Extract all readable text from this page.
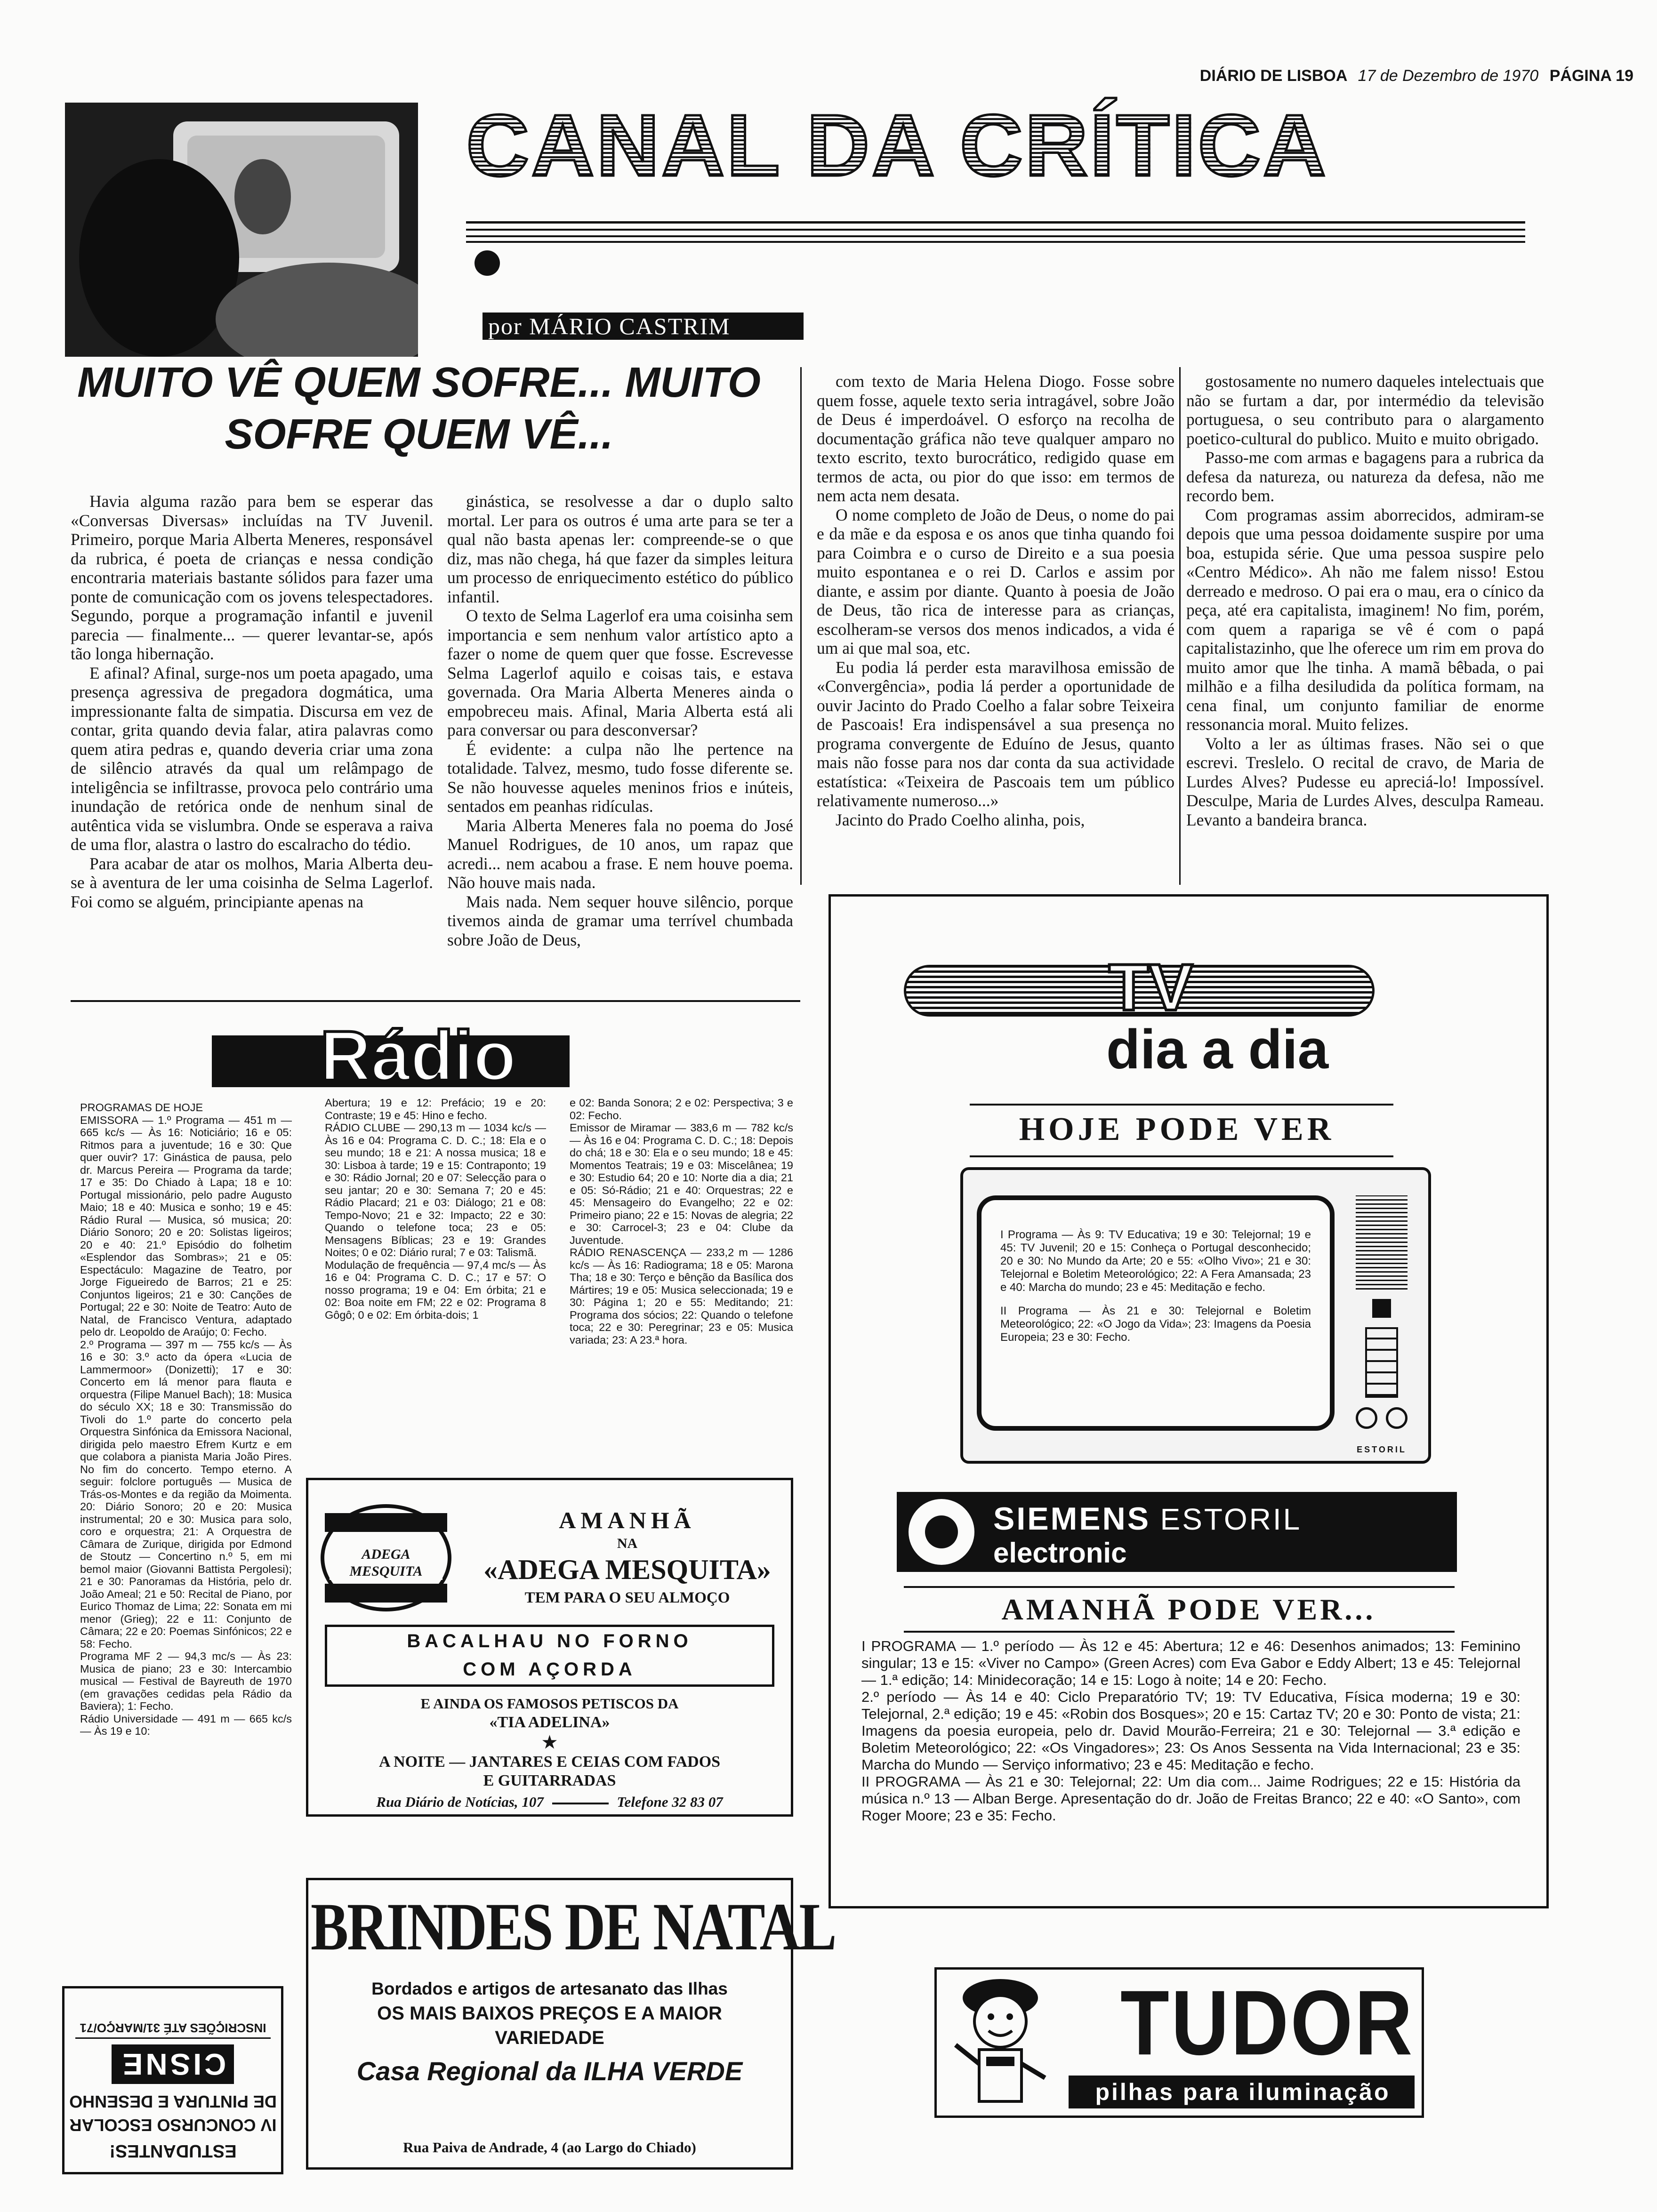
DIÁRIO DE LISBOA 17 de Dezembro de 1970 PÁGINA 19
CANAL DA CRÍTICA
por MÁRIO CASTRIM
MUITO VÊ QUEM SOFRE... MUITO
SOFRE QUEM VÊ...

Havia alguma razão para bem se esperar das «Conversas Diversas» incluídas na TV Juvenil. Primeiro, porque Maria Alberta Meneres, responsável da rubrica, é poeta de crianças e nessa condição encontraria materiais bastante sólidos para fazer uma ponte de comunicação com os jovens telespectadores. Segundo, porque a programação infantil e juvenil parecia — finalmente... — querer levantar-se, após tão longa hibernação.

E afinal? Afinal, surge-nos um poeta apagado, uma presença agressiva de pregadora dogmática, uma impressionante falta de simpatia. Discursa em vez de contar, grita quando devia falar, atira palavras como quem atira pedras e, quando deveria criar uma zona de silêncio através da qual um relâmpago de inteligência se infiltrasse, provoca pelo contrário uma inundação de retórica onde de nenhum sinal de autêntica vida se vislumbra. Onde se esperava a raiva de uma flor, alastra o lastro do escalracho do tédio.

Para acabar de atar os molhos, Maria Alberta deu-se à aventura de ler uma coisinha de Selma Lagerlof. Foi como se alguém, principiante apenas na

ginástica, se resolvesse a dar o duplo salto mortal. Ler para os outros é uma arte para se ter a qual não basta apenas ler: compreende-se o que diz, mas não chega, há que fazer da simples leitura um processo de enriquecimento estético do público infantil.

O texto de Selma Lagerlof era uma coisinha sem importancia e sem nenhum valor artístico apto a fazer o nome de quem quer que fosse. Escrevesse Selma Lagerlof aquilo e coisas tais, e estava governada. Ora Maria Alberta Meneres ainda o empobreceu mais. Afinal, Maria Alberta está ali para conversar ou para desconversar?

É evidente: a culpa não lhe pertence na totalidade. Talvez, mesmo, tudo fosse diferente se. Se não houvesse aqueles meninos frios e inúteis, sentados em peanhas ridículas.

Maria Alberta Meneres fala no poema do José Manuel Rodrigues, de 10 anos, um rapaz que acredi... nem acabou a frase. E nem houve poema. Não houve mais nada.

Mais nada. Nem sequer houve silêncio, porque tivemos ainda de gramar uma terrível chumbada sobre João de Deus,

com texto de Maria Helena Diogo. Fosse sobre quem fosse, aquele texto seria intragável, sobre João de Deus é imperdoável. O esforço na recolha de documentação gráfica não teve qualquer amparo no texto escrito, texto burocrático, redigido quase em termos de acta, ou pior do que isso: em termos de nem acta nem desata.

O nome completo de João de Deus, o nome do pai e da mãe e da esposa e os anos que tinha quando foi para Coimbra e o curso de Direito e a sua poesia muito espontanea e o rei D. Carlos e assim por diante, e assim por diante. Quanto à poesia de João de Deus, tão rica de interesse para as crianças, escolheram-se versos dos menos indicados, a vida é um ai que mal soa, etc.

Eu podia lá perder esta maravilhosa emissão de «Convergência», podia lá perder a oportunidade de ouvir Jacinto do Prado Coelho a falar sobre Teixeira de Pascoais! Era indispensável a sua presença no programa convergente de Eduíno de Jesus, quanto mais não fosse para nos dar conta da sua actividade estatística: «Teixeira de Pascoais tem um público relativamente numeroso...»

Jacinto do Prado Coelho alinha, pois,

gostosamente no numero daqueles intelectuais que não se furtam a dar, por intermédio da televisão portuguesa, o seu contributo para o alargamento poetico-cultural do publico. Muito e muito obrigado.

Passo-me com armas e bagagens para a rubrica da defesa da natureza, ou natureza da defesa, não me recordo bem.

Com programas assim aborrecidos, admiram-se depois que uma pessoa doidamente suspire por uma boa, estupida série. Que uma pessoa suspire pelo «Centro Médico». Ah não me falem nisso! Estou derreado e medroso. O pai era o mau, era o cínico da peça, até era capitalista, imaginem! No fim, porém, com quem a rapariga se vê é com o papá capitalistazinho, que lhe oferece um rim em prova do muito amor que lhe tinha. A mamã bêbada, o pai milhão e a filha desiludida da política formam, na cena final, um conjunto familiar de enorme ressonancia moral. Muito felizes.

Volto a ler as últimas frases. Não sei o que escrevi. Treslelo. O recital de cravo, de Maria de Lurdes Alves? Pudesse eu apreciá-lo! Impossível. Desculpe, Maria de Lurdes Alves, desculpa Rameau. Levanto a bandeira branca.

Rádio
PROGRAMAS DE HOJE
EMISSORA — 1.º Programa — 451 m — 665 kc/s — Às 16: Noticiário; 16 e 05: Ritmos para a juventude; 16 e 30: Que quer ouvir? 17: Ginástica de pausa, pelo dr. Marcus Pereira — Programa da tarde; 17 e 35: Do Chiado à Lapa; 18 e 10: Portugal missionário, pelo padre Augusto Maio; 18 e 40: Musica e sonho; 19 e 45: Rádio Rural — Musica, só musica; 20: Diário Sonoro; 20 e 20: Solistas ligeiros; 20 e 40: 21.º Episódio do folhetim «Esplendor das Sombras»; 21 e 05: Espectáculo: Magazine de Teatro, por Jorge Figueiredo de Barros; 21 e 25: Conjuntos ligeiros; 21 e 30: Canções de Portugal; 22 e 30: Noite de Teatro: Auto de Natal, de Francisco Ventura, adaptado pelo dr. Leopoldo de Araújo; 0: Fecho.
2.º Programa — 397 m — 755 kc/s — Às 16 e 30: 3.º acto da ópera «Lucia de Lammermoor» (Donizetti); 17 e 30: Concerto em lá menor para flauta e orquestra (Filipe Manuel Bach); 18: Musica do século XX; 18 e 30: Transmissão do Tivoli do 1.º parte do concerto pela Orquestra Sinfónica da Emissora Nacional, dirigida pelo maestro Efrem Kurtz e em que colabora a pianista Maria João Pires. No fim do concerto. Tempo eterno. A seguir: folclore português — Musica de Trás-os-Montes e da região da Moimenta. 20: Diário Sonoro; 20 e 20: Musica instrumental; 20 e 30: Musica para solo, coro e orquestra; 21: A Orquestra de Câmara de Zurique, dirigida por Edmond de Stoutz — Concertino n.º 5, em mi bemol maior (Giovanni Battista Pergolesi); 21 e 30: Panoramas da História, pelo dr. João Ameal; 21 e 50: Recital de Piano, por Eurico Thomaz de Lima; 22: Sonata em mi menor (Grieg); 22 e 11: Conjunto de Câmara; 22 e 20: Poemas Sinfónicos; 22 e 58: Fecho.
Programa MF 2 — 94,3 mc/s — Às 23: Musica de piano; 23 e 30: Intercambio musical — Festival de Bayreuth de 1970 (em gravações cedidas pela Rádio da Baviera); 1: Fecho.
Rádio Universidade — 491 m — 665 kc/s — Às 19 e 10:
Abertura; 19 e 12: Prefácio; 19 e 20: Contraste; 19 e 45: Hino e fecho.
RÁDIO CLUBE — 290,13 m — 1034 kc/s — Às 16 e 04: Programa C. D. C.; 18: Ela e o seu mundo; 18 e 21: A nossa musica; 18 e 30: Lisboa à tarde; 19 e 15: Contraponto; 19 e 30: Rádio Jornal; 20 e 07: Selecção para o seu jantar; 20 e 30: Semana 7; 20 e 45: Rádio Placard; 21 e 03: Diálogo; 21 e 08: Tempo-Novo; 21 e 32: Impacto; 22 e 30: Quando o telefone toca; 23 e 05: Mensagens Bíblicas; 23 e 19: Grandes Noites; 0 e 02: Diário rural; 7 e 03: Talismã.
Modulação de frequência — 97,4 mc/s — Às 16 e 04: Programa C. D. C.; 17 e 57: O nosso programa; 19 e 04: Em órbita; 21 e 02: Boa noite em FM; 22 e 02: Programa 8 Gôgô; 0 e 02: Em órbita-dois; 1
e 02: Banda Sonora; 2 e 02: Perspectiva; 3 e 02: Fecho.
Emissor de Miramar — 383,6 m — 782 kc/s — Às 16 e 04: Programa C. D. C.; 18: Depois do chá; 18 e 30: Ela e o seu mundo; 18 e 45: Momentos Teatrais; 19 e 03: Miscelânea; 19 e 30: Estudio 64; 20 e 10: Norte dia a dia; 21 e 05: Só-Rádio; 21 e 40: Orquestras; 22 e 45: Mensageiro do Evangelho; 22 e 02: Primeiro piano; 22 e 15: Novas de alegria; 22 e 30: Carrocel-3; 23 e 04: Clube da Juventude.
RÁDIO RENASCENÇA — 233,2 m — 1286 kc/s — Às 16: Radiograma; 18 e 05: Marona Tha; 18 e 30: Terço e bênção da Basílica dos Mártires; 19 e 05: Musica seleccionada; 19 e 30: Página 1; 20 e 55: Meditando; 21: Programa dos sócios; 22: Quando o telefone toca; 22 e 30: Peregrinar; 23 e 05: Musica variada; 23: A 23.ª hora.
ADEGA MESQUITA
AMANHÃ
NA
«ADEGA MESQUITA»
TEM PARA O SEU ALMOÇO
BACALHAU NO FORNO
COM AÇORDA
E AINDA OS FAMOSOS PETISCOS DA
«TIA ADELINA»
★
A NOITE — JANTARES E CEIAS COM FADOS
E GUITARRADAS
Rua Diário de Notícias, 107	Telefone 32 83 07
BRINDES DE NATAL
Bordados e artigos de artesanato das Ilhas
OS MAIS BAIXOS PREÇOS E A MAIOR
VARIEDADE
Casa Regional da ILHA VERDE
Rua Paiva de Andrade, 4 (ao Largo do Chiado)
ESTUDANTES!
IV CONCURSO ESCOLAR
DE PINTURA E DESENHO
CISNE
INSCRIÇÕES ATÉ 31/MARÇO/71
TV
dia a dia
HOJE PODE VER
I Programa — Às 9: TV Educativa; 19 e 30: Telejornal; 19 e 45: TV Juvenil; 20 e 15: Conheça o Portugal desconhecido; 20 e 30: No Mundo da Arte; 20 e 55: «Olho Vivo»; 21 e 30: Telejornal e Boletim Meteorológico; 22: A Fera Amansada; 23 e 40: Marcha do mundo; 23 e 45: Meditação e fecho.
II Programa — Às 21 e 30: Telejornal e Boletim Meteorológico; 22: «O Jogo da Vida»; 23: Imagens da Poesia Europeia; 23 e 30: Fecho.
ESTORIL
SIEMENS ESTORIL
electronic
AMANHÃ PODE VER...
I PROGRAMA — 1.º período — Às 12 e 45: Abertura; 12 e 46: Desenhos animados; 13: Feminino singular; 13 e 15: «Viver no Campo» (Green Acres) com Eva Gabor e Eddy Albert; 13 e 45: Telejornal — 1.ª edição; 14: Minidecoração; 14 e 15: Logo à noite; 14 e 20: Fecho.
2.º período — Às 14 e 40: Ciclo Preparatório TV; 19: TV Educativa, Física moderna; 19 e 30: Telejornal, 2.ª edição; 19 e 45: «Robin dos Bosques»; 20 e 15: Cartaz TV; 20 e 30: Ponto de vista; 21: Imagens da poesia europeia, pelo dr. David Mourão-Ferreira; 21 e 30: Telejornal — 3.ª edição e Boletim Meteorológico; 22: «Os Vingadores»; 23: Os Anos Sessenta na Vida Internacional; 23 e 35: Marcha do Mundo — Serviço informativo; 23 e 45: Meditação e fecho.
II PROGRAMA — Às 21 e 30: Telejornal; 22: Um dia com... Jaime Rodrigues; 22 e 15: História da música n.º 13 — Alban Berge. Apresentação do dr. João de Freitas Branco; 22 e 40: «O Santo», com Roger Moore; 23 e 35: Fecho.
TUDOR
pilhas para iluminação
